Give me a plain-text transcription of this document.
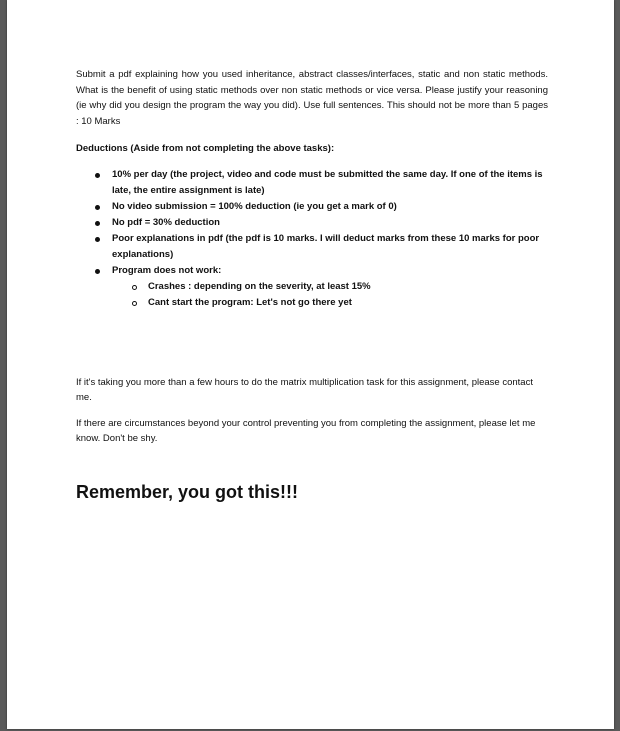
Submit a pdf explaining how you used inheritance, abstract classes/interfaces, static and non static methods. What is the benefit of using static methods over non static methods or vice versa. Please justify your reasoning (ie why did you design the program the way you did). Use full sentences. This should not be more than 5 pages : 10 Marks

Deductions (Aside from not completing the above tasks):

10% per day (the project, video and code must be submitted the same day. If one of the items is late, the entire assignment is late)
No video submission = 100% deduction (ie you get a mark of 0)
No pdf = 30% deduction
Poor explanations in pdf (the pdf is 10 marks. I will deduct marks from these 10 marks for poor explanations)
Program does not work:
Crashes : depending on the severity, at least 15%
Cant start the program: Let's not go there yet

If it's taking you more than a few hours to do the matrix multiplication task for this assignment, please contact me.

If there are circumstances beyond your control preventing you from completing the assignment, please let me know. Don't be shy.

Remember, you got this!!!
